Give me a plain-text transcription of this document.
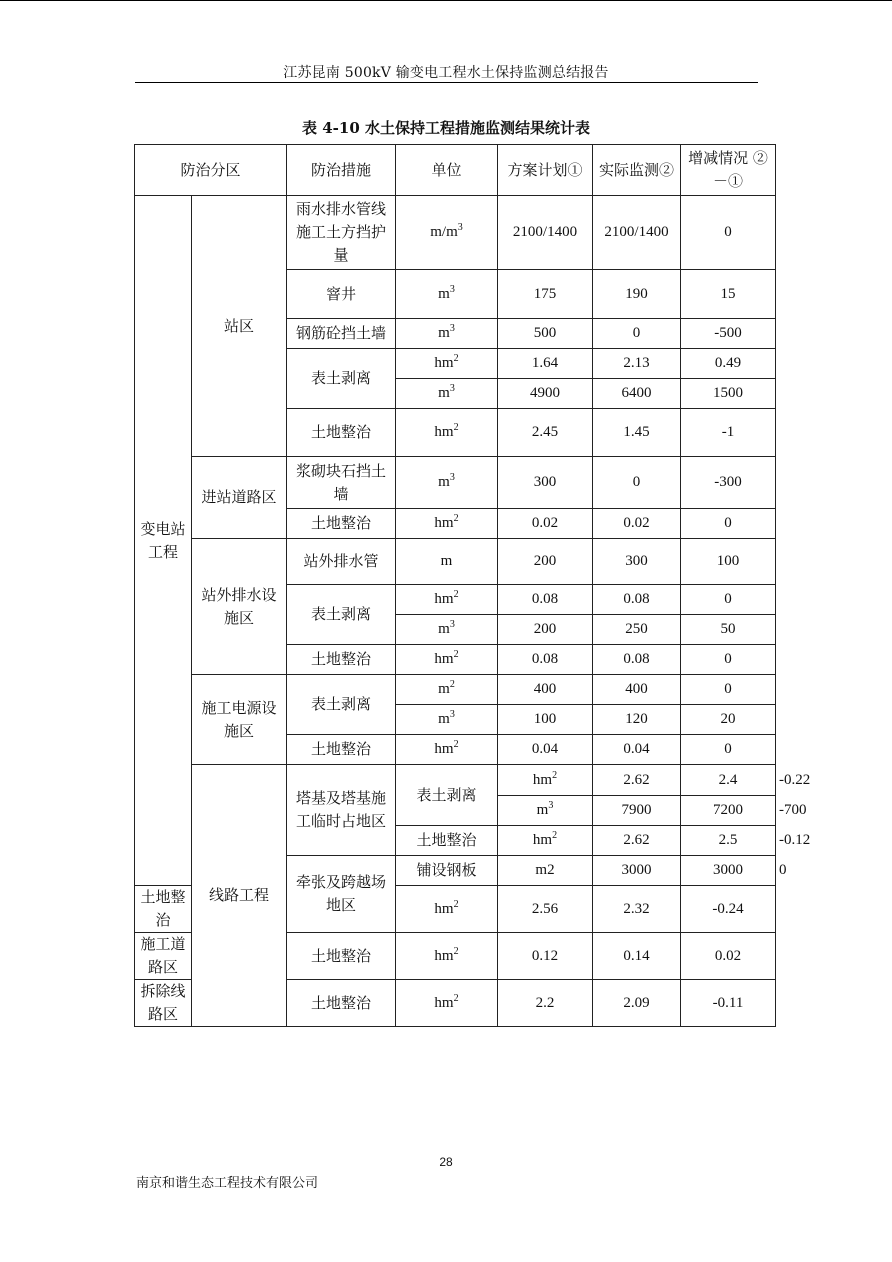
江苏昆南 500kV 输变电工程水土保持监测总结报告
表 4-10 水土保持工程措施监测结果统计表
防治分区		防治措施	单位	方案计划①	实际监测②	增减情况 ②－①	
变电站工程	站区	雨水排水管线施工土方挡护量	$m/m^3$	2100/1400	2100/1400	0	
		窨井	$m^3$	175	190	15	
		钢筋砼挡土墙	$m^3$	500	0	-500	
		表土剥离	$hm^2$	1.64	2.13	0.49	
			$m^3$	4900	6400	1500	
		土地整治	$hm^2$	2.45	1.45	-1	
	进站道路区	浆砌块石挡土墙	$m^3$	300	0	-300	
		土地整治	$hm^2$	0.02	0.02	0	
	站外排水设施区	站外排水管	m	200	300	100	
		表土剥离	$hm^2$	0.08	0.08	0	
			$m^3$	200	250	50	
		土地整治	$hm^2$	0.08	0.08	0	
	施工电源设施区	表土剥离	$m^2$	400	400	0	
			$m^3$	100	120	20	
		土地整治	$hm^2$	0.04	0.04	0	
	线路工程	塔基及塔基施工临时占地区	表土剥离	$hm^2$	2.62	2.4	-0.22
				$m^3$	7900	7200	-700
			土地整治	$hm^2$	2.62	2.5	-0.12
		牵张及跨越场地区	铺设钢板	m2	3000	3000	0
土地整治			$hm^2$	2.56	2.32	-0.24	
施工道路区		土地整治	$hm^2$	0.12	0.14	0.02	
拆除线路区		土地整治	$hm^2$	2.2	2.09	-0.11	
28
南京和谐生态工程技术有限公司
